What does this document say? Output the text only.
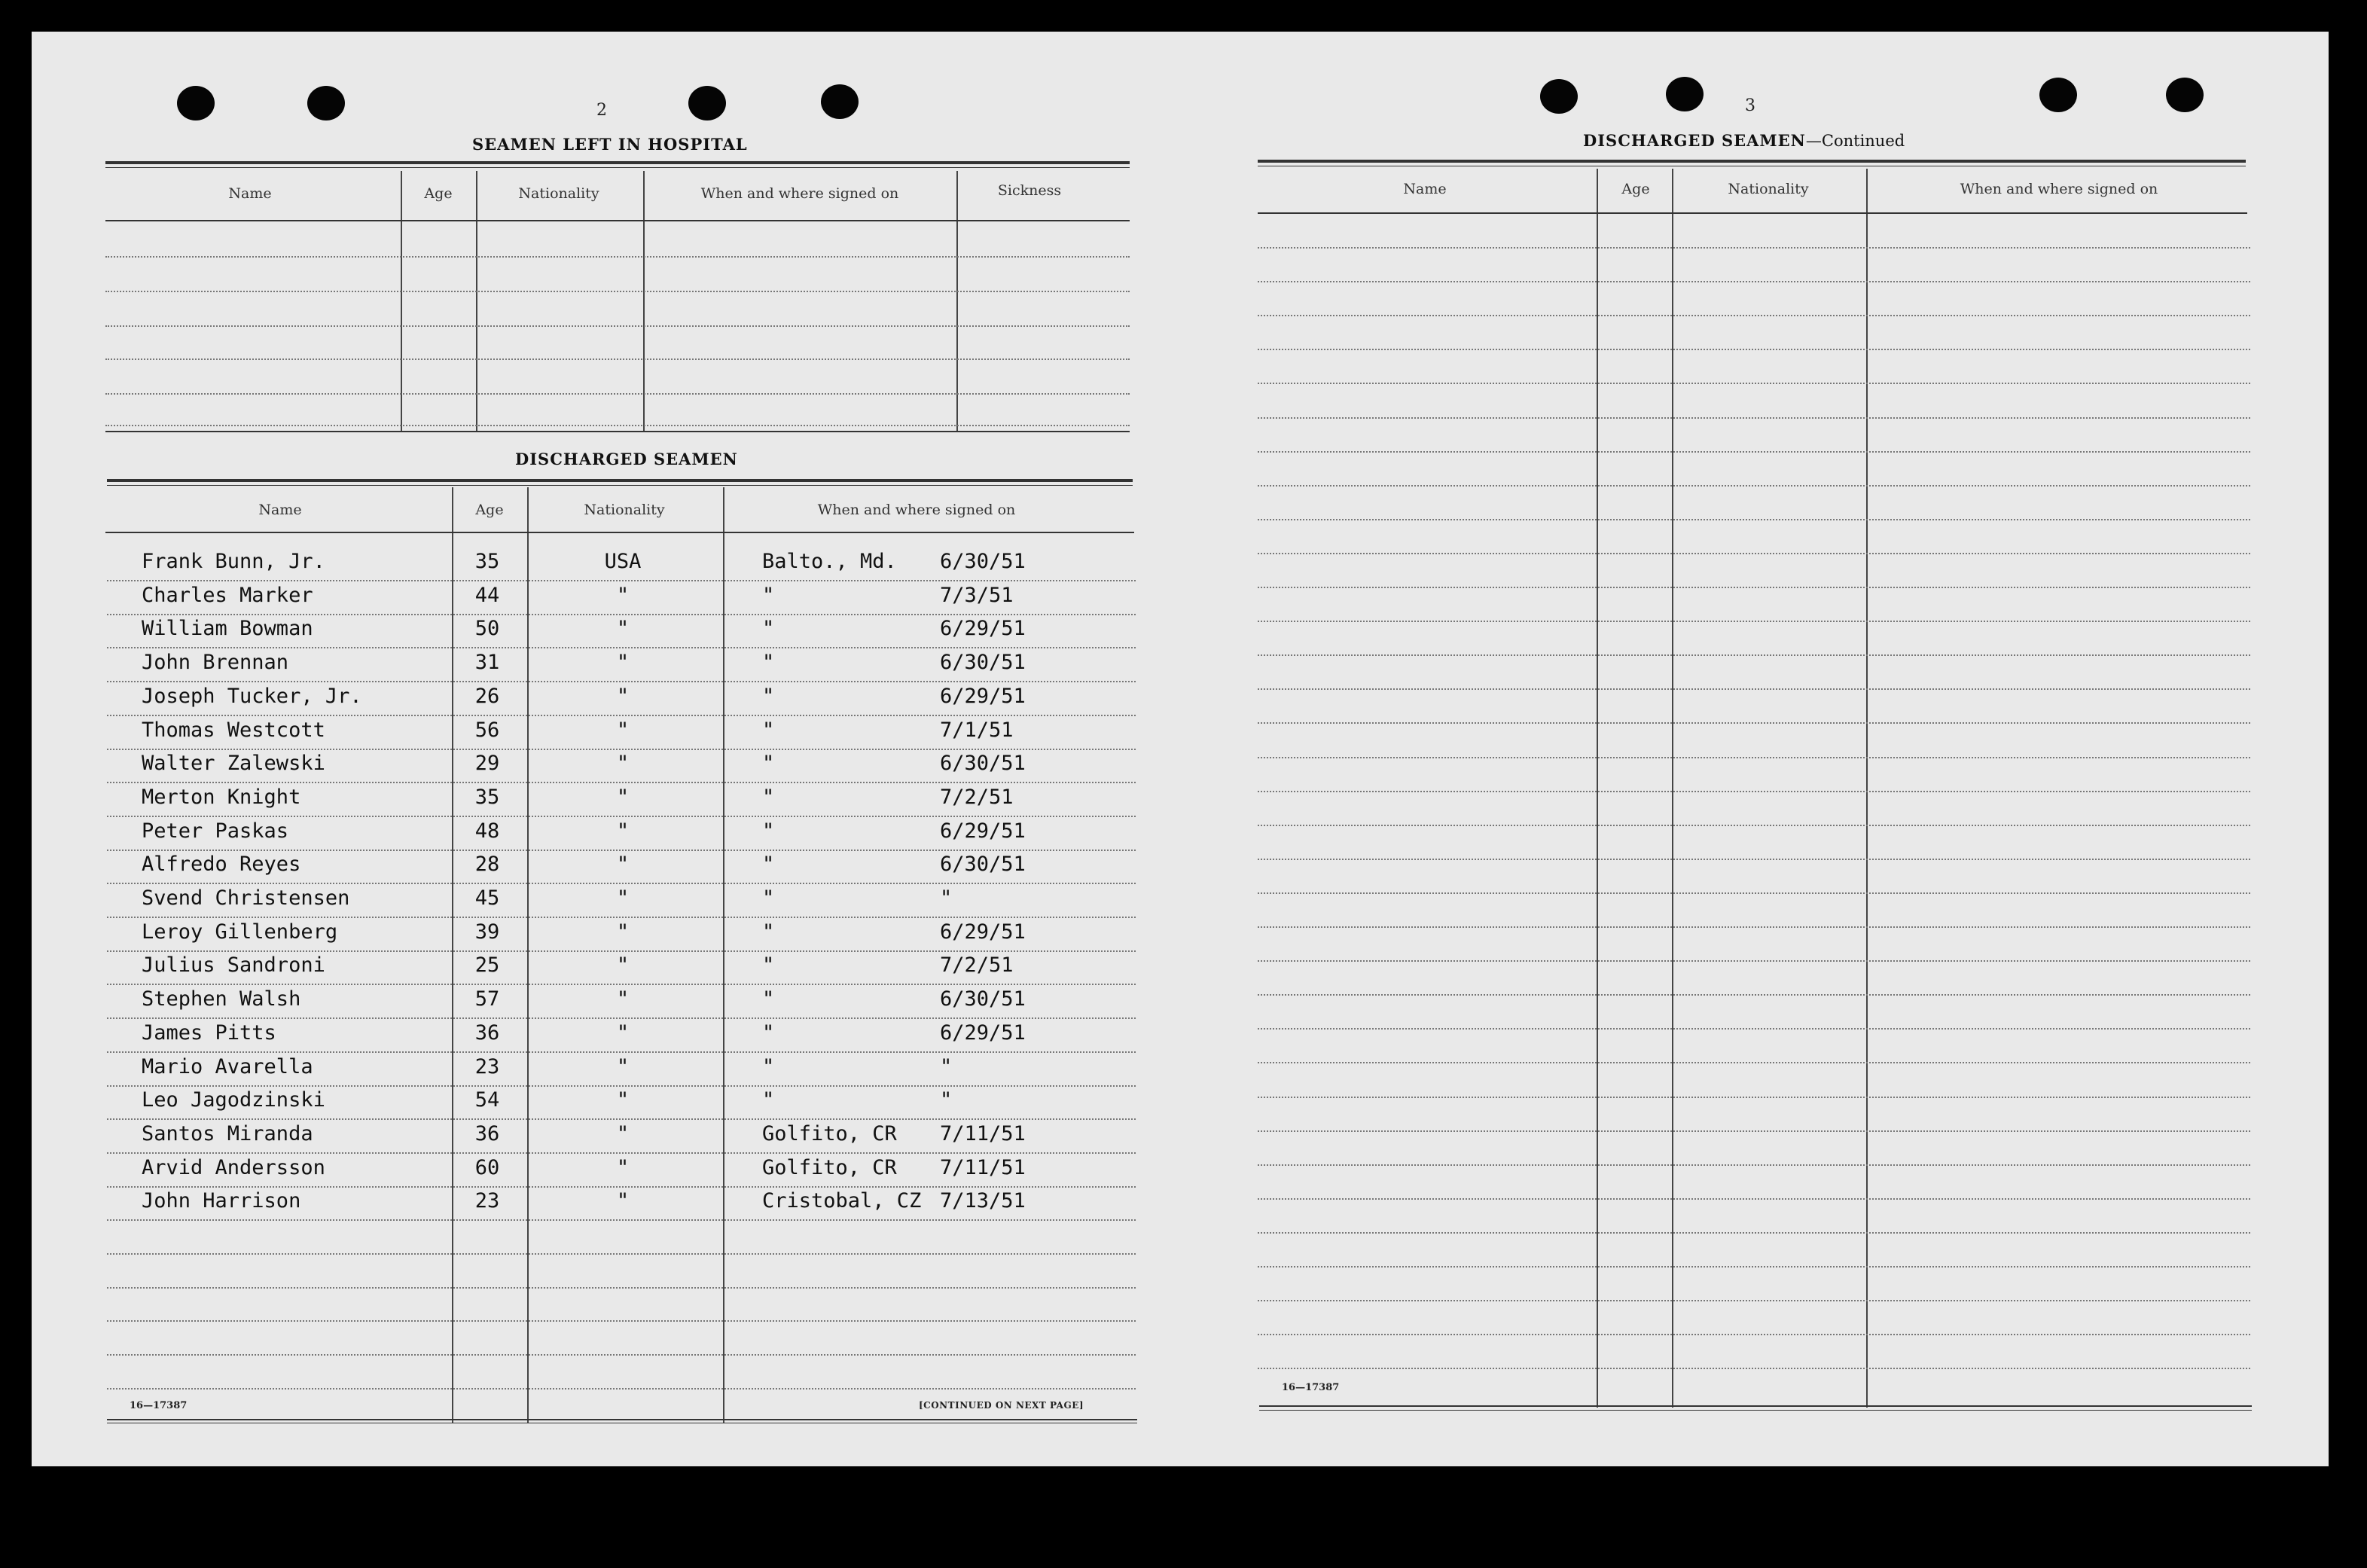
2
SEAMEN LEFT IN HOSPITAL
Name	Age	Nationality	When and where signed on	Sickness
DISCHARGED SEAMEN
Name	Age	Nationality	When and where signed on
Frank Bunn, Jr.	35	USA	Balto., Md. 6/30/51
Charles Marker	44	"	"	7/3/51
William Bowman	50	"	"	6/29/51
John Brennan	31	"	"	6/30/51
Joseph Tucker, Jr.	26	"	"	6/29/51
Thomas Westcott	56	"	"	7/1/51
Walter Zalewski	29	"	"	6/30/51
Merton Knight	35	"	"	7/2/51
Peter Paskas	48	"	"	6/29/51
Alfredo Reyes	28	"	"	6/30/51
Svend Christensen	45	"	"	"
Leroy Gillenberg	39	"	"	6/29/51
Julius Sandroni	25	"	"	7/2/51
Stephen Walsh	57	"	"	6/30/51
James Pitts	36	"	"	6/29/51
Mario Avarella	23	"	"	"
Leo Jagodzinski	54	"	"	"
Santos Miranda	36	"	Golfito, CR 7/11/51
Arvid Andersson	60	"	Golfito, CR 7/11/51
John Harrison	23	"	Cristobal, CZ 7/13/51
16—17387	[CONTINUED ON NEXT PAGE]
3
DISCHARGED SEAMEN—Continued
Name	Age	Nationality	When and where signed on
16—17387
